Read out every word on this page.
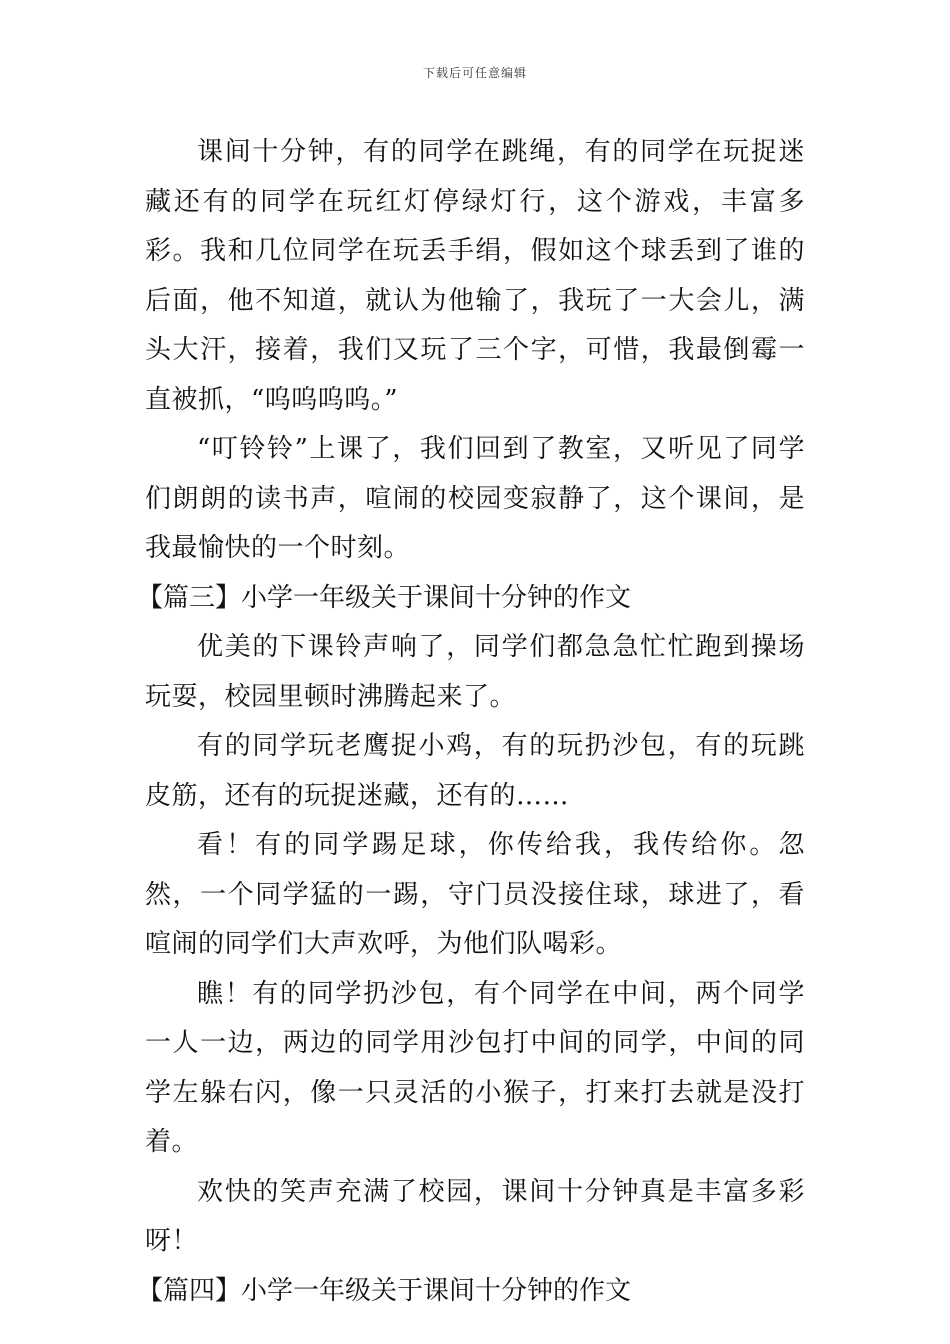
下载后可任意编辑

课间十分钟，有的同学在跳绳，有的同学在玩捉迷藏还有的同学在玩红灯停绿灯行，这个游戏，丰富多彩。我和几位同学在玩丢手绢，假如这个球丢到了谁的后面，他不知道，就认为他输了，我玩了一大会儿，满头大汗，接着，我们又玩了三个字，可惜，我最倒霉一直被抓，“呜呜呜呜。”

“叮铃铃”上课了，我们回到了教室，又听见了同学们朗朗的读书声，喧闹的校园变寂静了，这个课间，是我最愉快的一个时刻。

【篇三】小学一年级关于课间十分钟的作文

优美的下课铃声响了，同学们都急急忙忙跑到操场玩耍，校园里顿时沸腾起来了。

有的同学玩老鹰捉小鸡，有的玩扔沙包，有的玩跳皮筋，还有的玩捉迷藏，还有的……

看！有的同学踢足球，你传给我，我传给你。忽然，一个同学猛的一踢，守门员没接住球，球进了，看喧闹的同学们大声欢呼，为他们队喝彩。

瞧！有的同学扔沙包，有个同学在中间，两个同学一人一边，两边的同学用沙包打中间的同学，中间的同学左躲右闪，像一只灵活的小猴子，打来打去就是没打着。

欢快的笑声充满了校园，课间十分钟真是丰富多彩呀！

【篇四】小学一年级关于课间十分钟的作文
